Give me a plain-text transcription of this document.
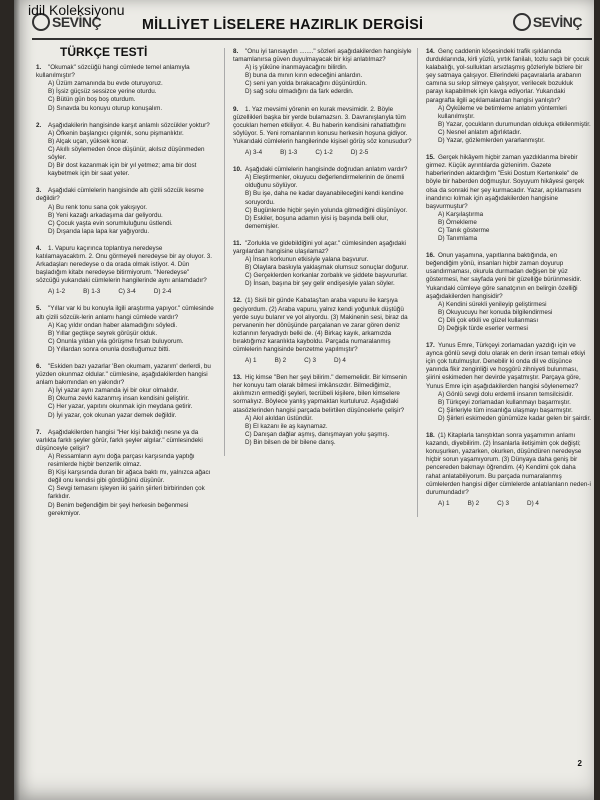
SEVİNÇ	MİLLİYET LİSELERE HAZIRLIK DERGİSİ	SEVİNÇ
TÜRKÇE TESTİ
1. "Okumak" sözcüğü hangi cümlede temel anlamıyla kullanılmıştır?
A) Üzüm zamanında bu evde oturuyoruz.
B) İşsiz güçsüz sessizce yerine oturdu.
C) Bütün gün boş boş oturdum.
D) Sınavda bu konuyu oturup konuşalım.
2. Aşağıdakilerin hangisinde karşıt anlamlı sözcükler yoktur?
A) Öfkenin başlangıcı çılgınlık, sonu pişmanlıktır.
B) Alçak uçan, yüksek konar.
C) Akıllı söylemeden önce düşünür, akılsız düşünmeden söyler.
D) Bir dost kazanmak için bir yıl yetmez; ama bir dost kaybetmek için bir saat yeter.
3. Aşağıdaki cümlelerin hangisinde altı çizili sözcük kesme değildir?
A) Bu renk tonu sana çok yakışıyor.
B) Yeni kazağı arkadaşıma dar geliyordu.
C) Çocuk yaşta evin sorumluluğunu üstlendi.
D) Dışarıda lapa lapa kar yağıyordu.
4. 1. Vapuru kaçırınca toplantıya neredeyse katılamayacaktım. 2. Onu görmeyeli neredeyse bir ay oluyor. 3. Arkadaşları neredeyse o da orada olmak istiyor. 4. Dün başladığım kitabı neredeyse bitirmiyorum. "Neredeyse" sözcüğü yukarıdaki cümlelerin hangilerinde aynı anlamdadır?
A) 1-2	B) 1-3	C) 3-4	D) 2-4
5. "Yıllar var ki bu konuyla ilgili araştırma yapıyor." cümlesinde altı çizili sözcük-lerin anlamı hangi cümlede vardır?
A) Kaç yıldır ondan haber alamadığını söyledi.
B) Yıllar geçtikçe seyrek görüşür olduk.
C) Onunla yıldan yıla görüşme fırsatı buluyorum.
D) Yıllardan sonra onunla dostluğumuz bitti.
6. "Eskiden bazı yazarlar 'Ben okumam, yazarım' derlerdi, bu yüzden okunmaz oldular." cümlesine, aşağıdakilerden hangisi anlam bakımından en yakındır?
A) İyi yazar aynı zamanda iyi bir okur olmalıdır.
B) Okuma zevki kazanmış insan kendisini geliştirir.
C) Her yazar, yapıtını okunmak için meydana getirir.
D) İyi yazar, çok okunan yazar demek değildir.
7. Aşağıdakilerden hangisi "Her kişi bakdığı nesne ya da varlıkta farklı şeyler görür, farklı şeyler algılar." cümlesindeki düşünceyle çelişir?
A) Ressamların aynı doğa parçası karşısında yaptığı resimlerde hiçbir benzerlik olmaz.
B) Kişi karşısında duran bir ağaca baktı mı, yalnızca ağacı değil onu kendisi gibi gördüğünü düşünür.
C) Sevgi temasını işleyen iki şairin şiirleri birbirinden çok farklıdır.
D) Benim beğendiğim bir şeyi herkesin beğenmesi gerekmiyor.
8. "Onu iyi tanısaydın ........" sözleri aşağıdakilerden hangisiyle tamamlanırsa güven duyulmayacak bir kişi anlatılmaz?
A) iş yüküne inanmayacağını bilirdin.
B) buna da mının kırın edeceğini anlardın.
C) seni yan yolda bırakacağını düşünürdün.
D) sağ solu olmadığını da fark ederdin.
9. 1. Yaz mevsimi yörenin en kurak mevsimidir. 2. Böyle güzellikleri başka bir yerde bulamazsın. 3. Davranışlarıyla tüm çocukları hemen etkiliyor. 4. Bu haberin kendisini rahatlattığını söylüyor. 5. Yeni romanlarının konusu herkesin hoşuna gidiyor. Yukarıdaki cümlelerin hangilerinde kişisel görüş söz konusudur?
A) 3-4	B) 1-3	C) 1-2	D) 2-5
10. Aşağıdaki cümlelerin hangisinde doğrudan anlatım vardır?
A) Eleştirmenler, okuyucu değerlendirmelerinin de önemli olduğunu söylüyor.
B) Bu işe, daha ne kadar dayanabileceğini kendi kendine soruyordu.
C) Bugünlerde hiçbir şeyin yolunda gitmediğini düşünüyor.
D) Eskiler, boşuna adamın iyisi iş başında belli olur, dememişler.
11. "Zorlukla ve gidebildiğini yol açar." cümlesinden aşağıdaki yargılardan hangisine ulaşılamaz?
A) İnsan korkunun etkisiyle yalana başvurur.
B) Olaylara baskıyla yaklaşmak olumsuz sonuçlar doğurur.
C) Gerçeklerden korkanlar zorbalık ve şiddete başvururlar.
D) İnsan, başına bir şey gelir endişesiyle yalan söyler.
12. (1) Sisli bir günde Kabataş'tan araba vapuru ile karşıya geçiyordum. (2) Araba vapuru, yalnız kendi yoğunluk düştüğü yerde suyu bulanır ve yol alıyordu. (3) Makinenin sesi, biraz da pervanenin her dönüşünde parçalanan ve zarar gören deniz kızlarının feryadıydı belki de. (4) Birkaç kayık, arkamızda bıraktığımız karanlıkta kayboldu. Parçada numaralanmış cümlelerin hangisinde benzetme yapılmıştır?
A) 1	B) 2	C) 3	D) 4
13. Hiç kimse "Ben her şeyi bilirim." dememelidir. Bir kimsenin her konuyu tam olarak bilmesi imkânsızdır. Bilmediğimiz, akılımızın ermediği şeyleri, tecrübeli kişilere, bilen kimselere sormalıyız. Böylece yanlış yapmaktan kurtuluruz. Aşağıdaki atasözlerinden hangisi parçada belirtilen düşüncelerle çelişir?
A) Akıl akıldan üstündür.
B) El kazanı ile aş kaynamaz.
C) Danışan dağlar aşmış, danışmayan yolu şaşmış.
D) Bin bilsen de bir bilene danış.
14. Genç caddenin köşesindeki trafik ışıklarında durduklarında, kirli yüzlü, yırtık fanilalı, tozlu saçlı bir çocuk kalabalığı, yol-sulluktan arsızlaşmış gözleriyle bizlere bir şey satmaya çalışıyor. Ellerindeki paçavralarla arabanın camına su sıkıp silmeye çalışıyor, verilecek bozukluk parayı kapabilmek için kavga ediyorlar. Yukarıdaki paragrafta ilgili açıklamalardan hangisi yanlıştır?
A) Öyküleme ve betimleme anlatım yöntemleri kullanılmıştır.
B) Yazar, çocukların durumundan oldukça etkilenmiştir.
C) Nesnel anlatım ağırlıktadır.
D) Yazar, gözlemlerden yararlanmıştır.
15. Gerçek hikâyem hiçbir zaman yazdıklarıma birebir girmez. Küçük ayrıntılarda gizlenirim. Gazete haberlerinden aktardığım "Eski Dostum Kertenkele" de böyle bir haberden doğmuştur. Soyuyum hikâyesi gerçek olsa da sonraki her şey kurmacadır. Yazar, açıklamasını inandırıcı kılmak için aşağıdakilerden hangisine başvurmuştur?
A) Karşılaştırma
B) Örnekleme
C) Tanık gösterme
D) Tanımlama
16. Onun yaşamına, yapıtlarına baktığında, en beğendiğim yönü, insanları hiçbir zaman doyurup usandırmaması, okurula durmadan değişen bir yüz göstermesi, her sayfada yeni bir güzelliğe bürünmesidir. Yukarıdaki cümleye göre sanatçının en belirgin özelliği aşağıdakilerden hangisidir?
A) Kendini sürekli yenileyip geliştirmesi
B) Okuyucuyu her konuda bilgilendirmesi
C) Dili çok etkili ve güzel kullanması
D) Değişik türde eserler vermesi
17. Yunus Emre, Türkçeyi zorlamadan yazdığı için ve aynca gönlü sevgi dolu olarak en derin insan temalı etkiyi için çok tutulmuştur. Denebilir ki onda dil ve düşünce yanında fikir zenginliği ve hoşgörü zihniyeti bulunması, şiirini eskimeden her devirde yaşatmıştır. Parçaya göre, Yunus Emre için aşağıdakilerden hangisi söylenemez?
A) Gönlü sevgi dolu erdemli insanın temsilcisidir.
B) Türkçeyi zorlamadan kullanmayı başarmıştır.
C) Şiirleriyle tüm insanlığa ulaşmayı başarmıştır.
D) Şiirleri eskimeden günümüze kadar gelen bir şairdir.
18. (1) Kitaplarla tanıştıktan sonra yaşamımın anlamı kazandı, diyebilirim. (2) İnsanlarla iletişimim çok değişti; konuşurken, yazarken, okurken, düşündüren neredeyse hiçbir sorun yaşamıyorum. (3) Dünyaya daha geniş bir pencereden bakmayı öğrendim. (4) Kendimi çok daha rahat anlatabiliyorum. Bu parçada numaralanmış cümlelerden hangisi diğer cümlelerde anlatılanların neden-i durumundadır?
A) 1	B) 2	C) 3	D) 4
2
idil Koleksiyonu
